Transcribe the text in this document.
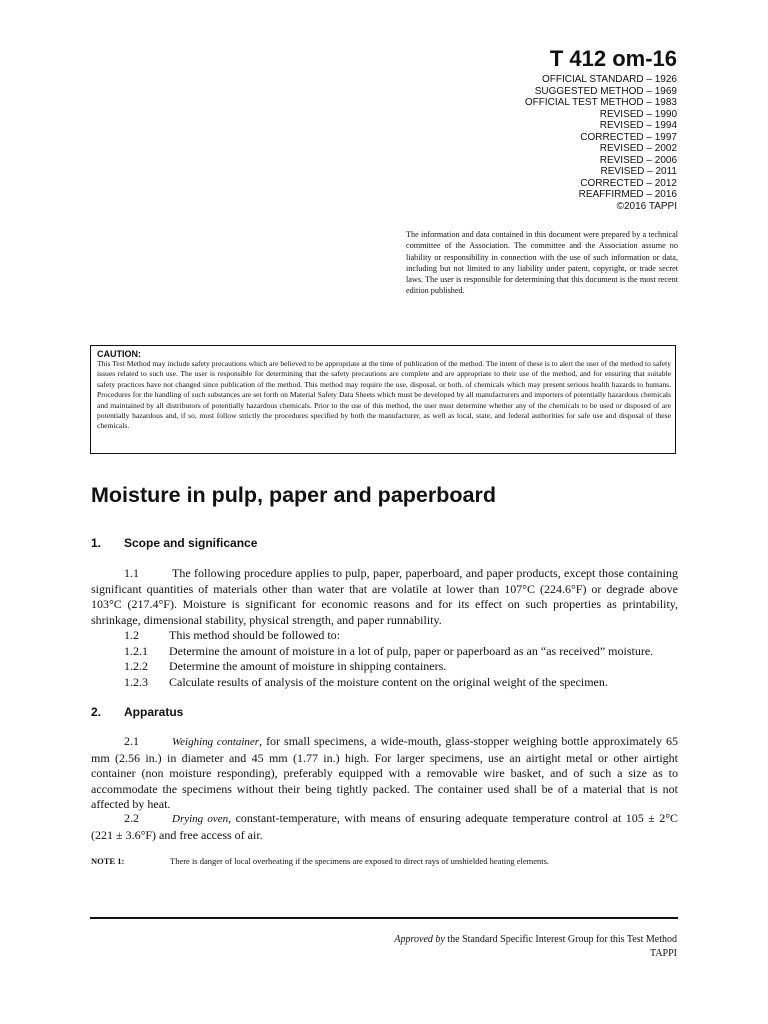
T 412 om-16
OFFICIAL STANDARD – 1926
SUGGESTED METHOD – 1969
OFFICIAL TEST METHOD – 1983
REVISED – 1990
REVISED – 1994
CORRECTED – 1997
REVISED – 2002
REVISED – 2006
REVISED – 2011
CORRECTED – 2012
REAFFIRMED – 2016
©2016 TAPPI
The information and data contained in this document were prepared by a technical committee of the Association. The committee and the Association assume no liability or responsibility in connection with the use of such information or data, including but not limited to any liability under patent, copyright, or trade secret laws. The user is responsible for determining that this document is the most recent edition published.
CAUTION:
This Test Method may include safety precautions which are believed to be appropriate at the time of publication of the method. The intent of these is to alert the user of the method to safety issues related to such use. The user is responsible for determining that the safety precautions are complete and are appropriate to their use of the method, and for ensuring that suitable safety practices have not changed since publication of the method. This method may require the use, disposal, or both, of chemicals which may present serious health hazards to humans. Procedures for the handling of such substances are set forth on Material Safety Data Sheets which must be developed by all manufacturers and importers of potentially hazardous chemicals and maintained by all distributors of potentially hazardous chemicals. Prior to the use of this method, the user must determine whether any of the chemicals to be used or disposed of are potentially hazardous and, if so, must follow strictly the procedures specified by both the manufacturer, as well as local, state, and federal authorities for safe use and disposal of these chemicals.
Moisture in pulp, paper and paperboard
1. Scope and significance
1.1	The following procedure applies to pulp, paper, paperboard, and paper products, except those containing significant quantities of materials other than water that are volatile at lower than 107°C (224.6°F) or degrade above 103°C (217.4°F). Moisture is significant for economic reasons and for its effect on such properties as printability, shrinkage, dimensional stability, physical strength, and paper runnability.
1.2	This method should be followed to:
1.2.1 Determine the amount of moisture in a lot of pulp, paper or paperboard as an “as received” moisture.
1.2.2 Determine the amount of moisture in shipping containers.
1.2.3 Calculate results of analysis of the moisture content on the original weight of the specimen.
2. Apparatus
2.1	Weighing container, for small specimens, a wide-mouth, glass-stopper weighing bottle approximately 65 mm (2.56 in.) in diameter and 45 mm (1.77 in.) high. For larger specimens, use an airtight metal or other airtight container (non moisture responding), preferably equipped with a removable wire basket, and of such a size as to accommodate the specimens without their being tightly packed. The container used shall be of a material that is not affected by heat.
2.2	Drying oven, constant-temperature, with means of ensuring adequate temperature control at 105 ± 2°C (221 ± 3.6°F) and free access of air.
NOTE 1:	There is danger of local overheating if the specimens are exposed to direct rays of unshielded heating elements.
Approved by the Standard Specific Interest Group for this Test Method
TAPPI
